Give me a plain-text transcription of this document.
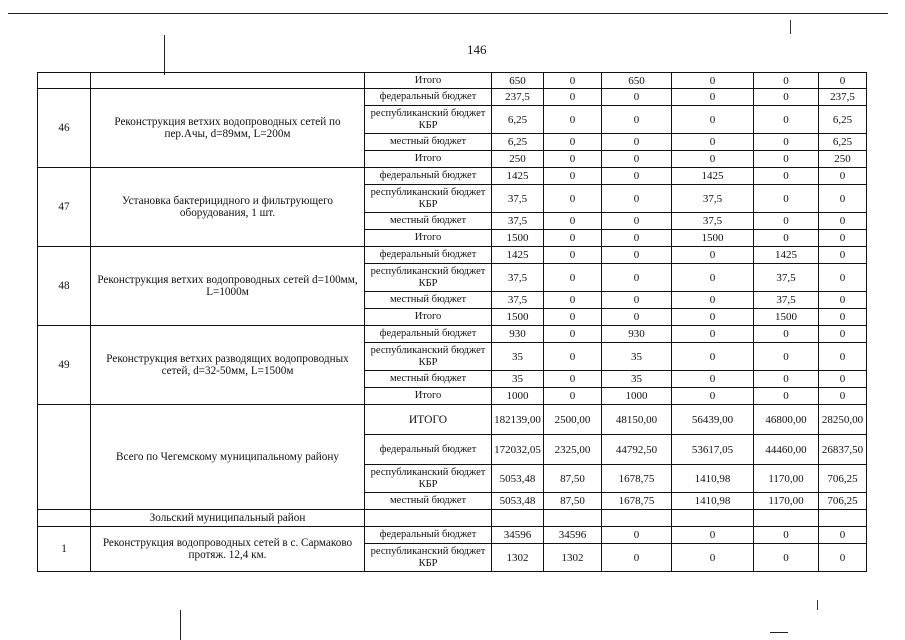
146
		Итого	650	0	650	0	0	0
46	Реконструкция ветхих водопроводных сетей по пер.Ачы, d=89мм, L=200м	федеральный бюджет	237,5	0	0	0	0	237,5
		республиканский бюджет КБР	6,25	0	0	0	0	6,25
		местный бюджет	6,25	0	0	0	0	6,25
		Итого	250	0	0	0	0	250
47	Установка бактерицидного и фильтрующего оборудования, 1 шт.	федеральный бюджет	1425	0	0	1425	0	0
		республиканский бюджет КБР	37,5	0	0	37,5	0	0
		местный бюджет	37,5	0	0	37,5	0	0
		Итого	1500	0	0	1500	0	0
48	Реконструкция ветхих водопроводных сетей d=100мм, L=1000м	федеральный бюджет	1425	0	0	0	1425	0
		республиканский бюджет КБР	37,5	0	0	0	37,5	0
		местный бюджет	37,5	0	0	0	37,5	0
		Итого	1500	0	0	0	1500	0
49	Реконструкция ветхих разводящих водопроводных сетей, d=32-50мм, L=1500м	федеральный бюджет	930	0	930	0	0	0
		республиканский бюджет КБР	35	0	35	0	0	0
		местный бюджет	35	0	35	0	0	0
		Итого	1000	0	1000	0	0	0
	Всего по Чегемскому муниципальному району	ИТОГО	182139,00	2500,00	48150,00	56439,00	46800,00	28250,00
		федеральный бюджет	172032,05	2325,00	44792,50	53617,05	44460,00	26837,50
		республиканский бюджет КБР	5053,48	87,50	1678,75	1410,98	1170,00	706,25
		местный бюджет	5053,48	87,50	1678,75	1410,98	1170,00	706,25
	Зольский муниципальный район							
1	Реконструкция водопроводных сетей в с. Сармаково протяж. 12,4 км.	федеральный бюджет	34596	34596	0	0	0	0
		республиканский бюджет КБР	1302	1302	0	0	0	0
